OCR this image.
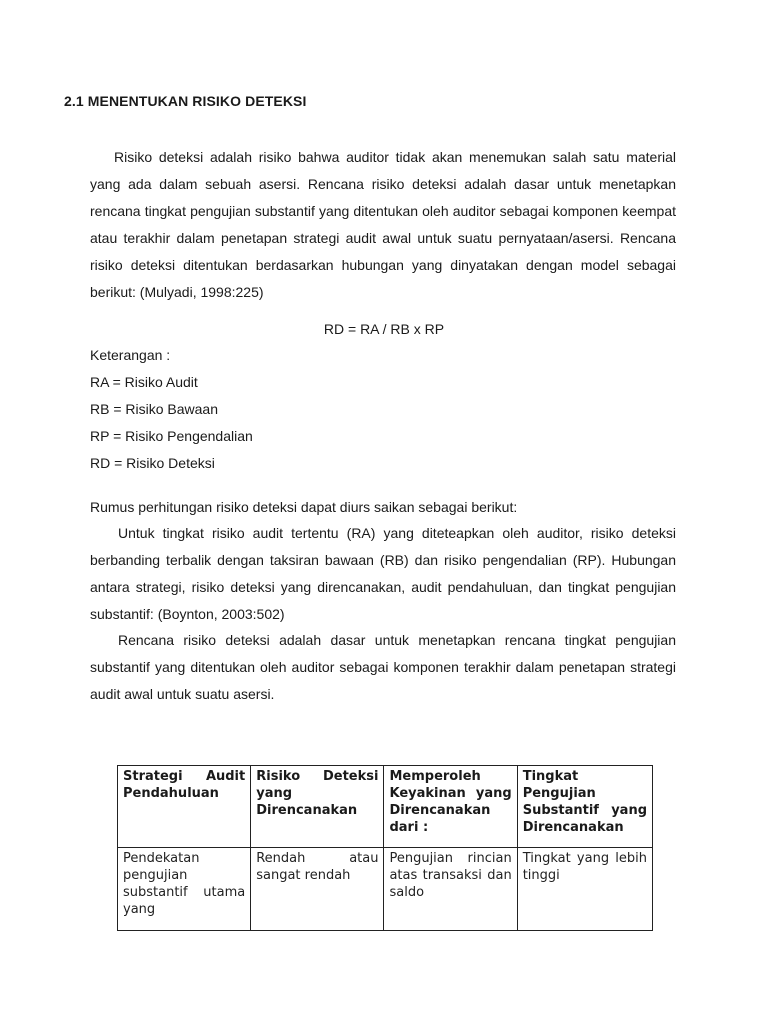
2.1 MENENTUKAN RISIKO DETEKSI

Risiko deteksi adalah risiko bahwa auditor tidak akan menemukan salah satu material yang ada dalam sebuah asersi. Rencana risiko deteksi adalah dasar untuk menetapkan rencana tingkat pengujian substantif yang ditentukan oleh auditor sebagai komponen keempat atau terakhir dalam penetapan strategi audit awal untuk suatu pernyataan/asersi. Rencana risiko deteksi ditentukan berdasarkan hubungan yang dinyatakan dengan model sebagai berikut: (Mulyadi, 1998:225)

RD = RA / RB x RP
Keterangan :
RA = Risiko Audit
RB = Risiko Bawaan
RP = Risiko Pengendalian
RD = Risiko Deteksi

Rumus perhitungan risiko deteksi dapat diurs saikan sebagai berikut:

Untuk tingkat risiko audit tertentu (RA) yang diteteapkan oleh auditor, risiko deteksi berbanding terbalik dengan taksiran bawaan (RB) dan risiko pengendalian (RP). Hubungan antara strategi, risiko deteksi yang direncanakan, audit pendahuluan, dan tingkat pengujian substantif: (Boynton, 2003:502)

Rencana risiko deteksi adalah dasar untuk menetapkan rencana tingkat pengujian substantif yang ditentukan oleh auditor sebagai komponen terakhir dalam penetapan strategi audit awal untuk suatu asersi.

Strategi Audit Pendahuluan	Risiko Deteksi yang Direncanakan	Memperoleh Keyakinan yang Direncanakan dari :	Tingkat Pengujian Substantif yang Direncanakan
Pendekatan pengujian substantif utama yang	Rendah atau sangat rendah	Pengujian rincian atas transaksi dan saldo	Tingkat yang lebih tinggi
